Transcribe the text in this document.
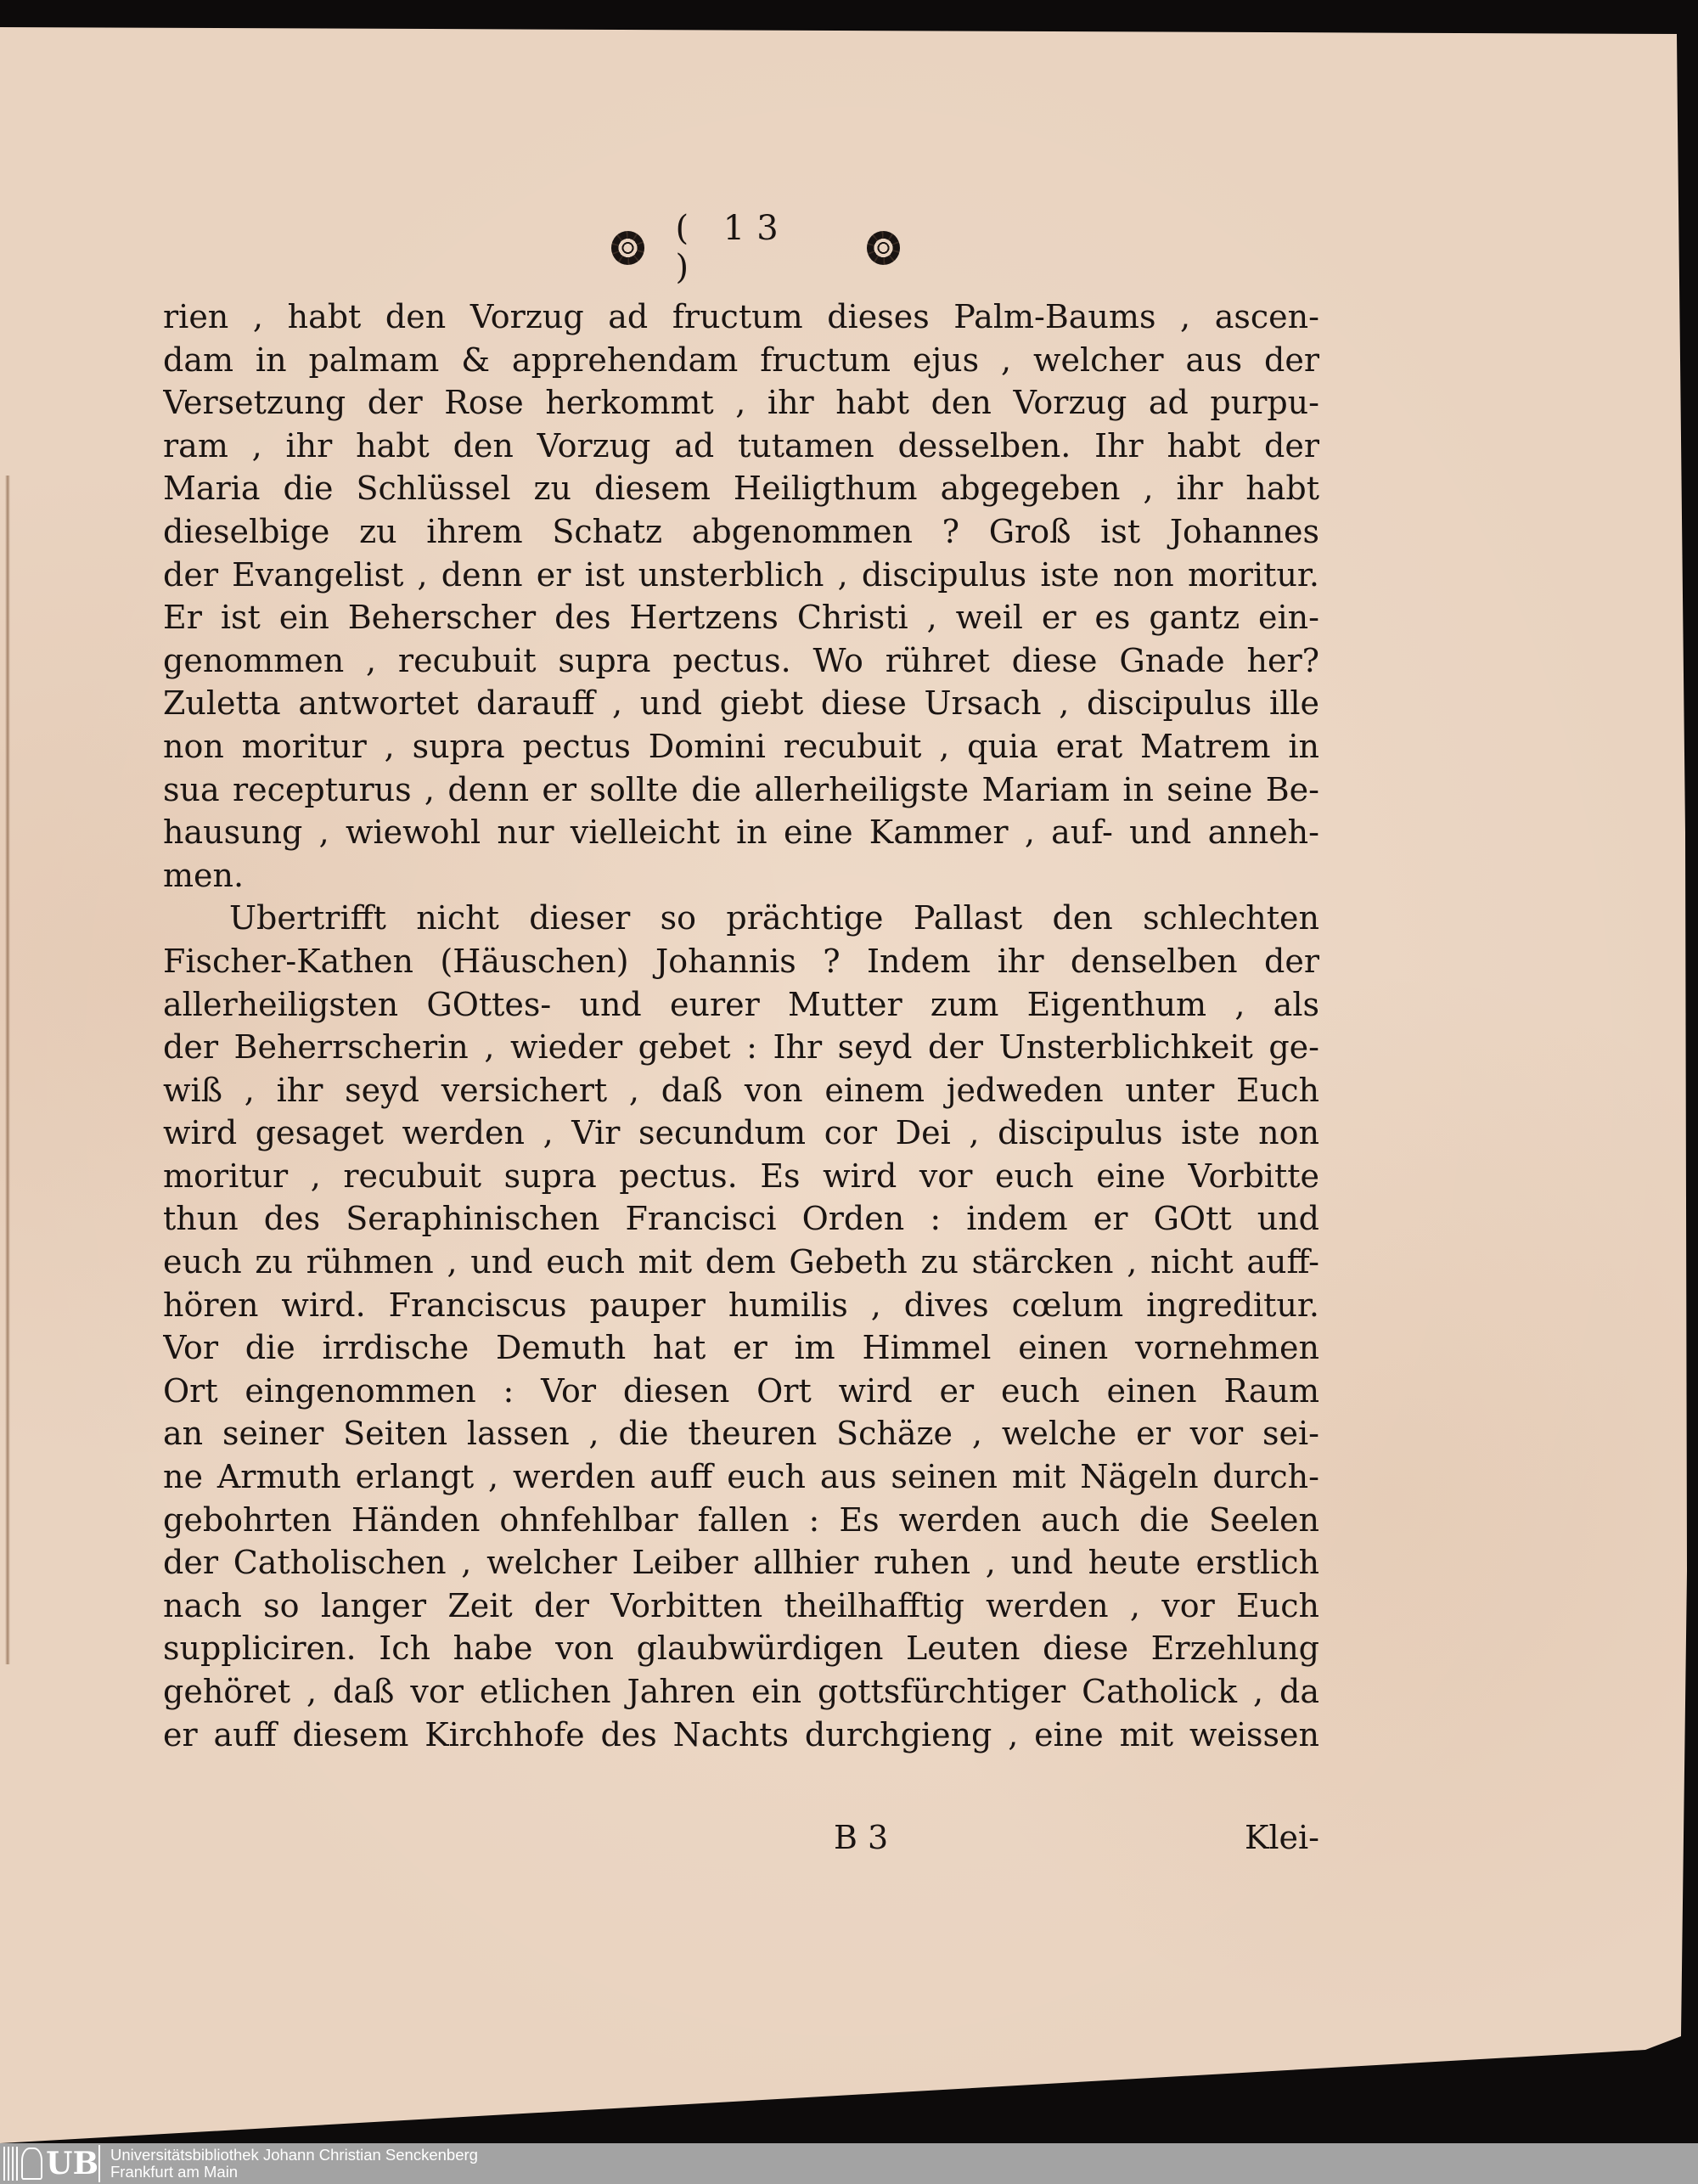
( 13 )
rien , habt den Vorzug ad fructum dieses Palm-Baums , ascen-
dam in palmam & apprehendam fructum ejus , welcher aus der
Versetzung der Rose herkommt , ihr habt den Vorzug ad purpu-
ram , ihr habt den Vorzug ad tutamen desselben. Ihr habt der
Maria die Schlüssel zu diesem Heiligthum abgegeben , ihr habt
dieselbige zu ihrem Schatz abgenommen ? Groß ist Johannes
der Evangelist , denn er ist unsterblich , discipulus iste non moritur.
Er ist ein Beherscher des Hertzens Christi , weil er es gantz ein-
genommen , recubuit supra pectus. Wo rühret diese Gnade her?
Zuletta antwortet darauff , und giebt diese Ursach , discipulus ille
non moritur , supra pectus Domini recubuit , quia erat Matrem in
sua recepturus , denn er sollte die allerheiligste Mariam in seine Be-
hausung , wiewohl nur vielleicht in eine Kammer , auf- und anneh-
men.
Ubertrifft nicht dieser so prächtige Pallast den schlechten
Fischer-Kathen (Häuschen) Johannis ? Indem ihr denselben der
allerheiligsten GOttes- und eurer Mutter zum Eigenthum , als
der Beherrscherin , wieder gebet : Ihr seyd der Unsterblichkeit ge-
wiß , ihr seyd versichert , daß von einem jedweden unter Euch
wird gesaget werden , Vir secundum cor Dei , discipulus iste non
moritur , recubuit supra pectus. Es wird vor euch eine Vorbitte
thun des Seraphinischen Francisci Orden : indem er GOtt und
euch zu rühmen , und euch mit dem Gebeth zu stärcken , nicht auff-
hören wird. Franciscus pauper humilis , dives cœlum ingreditur.
Vor die irrdische Demuth hat er im Himmel einen vornehmen
Ort eingenommen : Vor diesen Ort wird er euch einen Raum
an seiner Seiten lassen , die theuren Schäze , welche er vor sei-
ne Armuth erlangt , werden auff euch aus seinen mit Nägeln durch-
gebohrten Händen ohnfehlbar fallen : Es werden auch die Seelen
der Catholischen , welcher Leiber allhier ruhen , und heute erstlich
nach so langer Zeit der Vorbitten theilhafftig werden , vor Euch
suppliciren. Ich habe von glaubwürdigen Leuten diese Erzehlung
gehöret , daß vor etlichen Jahren ein gottsfürchtiger Catholick , da
er auff diesem Kirchhofe des Nachts durchgieng , eine mit weissen
B 3	Klei-
UB Universitätsbibliothek Johann Christian Senckenberg
Frankfurt am Main
